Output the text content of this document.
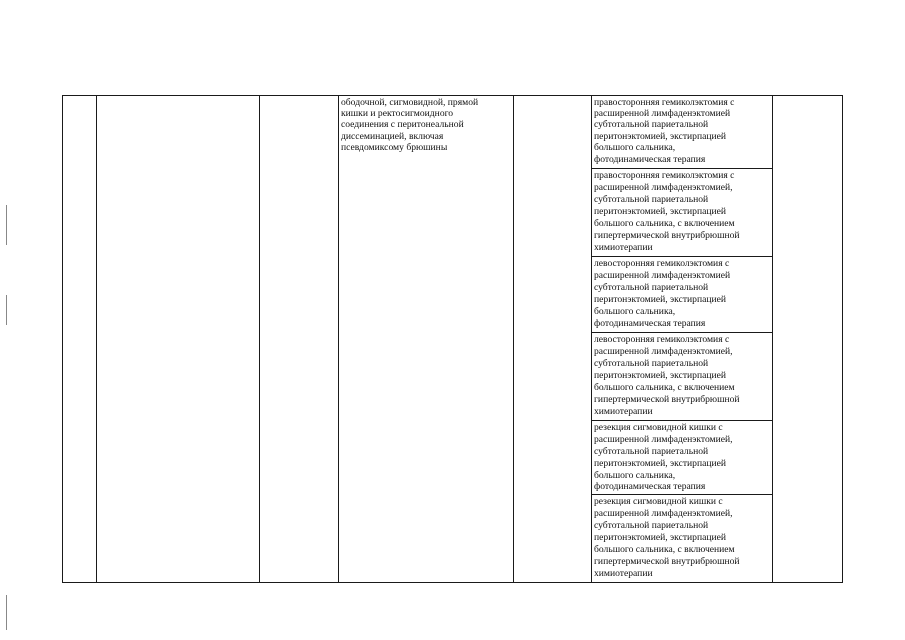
ободочной, сигмовидной, прямой
кишки и ректосигмоидного
соединения с перитонеальной
диссеминацией, включая
псевдомиксому брюшины
правосторонняя гемиколэктомия с
расширенной лимфаденэктомией
субтотальной париетальной
перитонэктомией, экстирпацией
большого сальника,
фотодинамическая терапия
правосторонняя гемиколэктомия с
расширенной лимфаденэктомией,
субтотальной париетальной
перитонэктомией, экстирпацией
большого сальника, с включением
гипертермической внутрибрюшной
химиотерапии
левосторонняя гемиколэктомия с
расширенной лимфаденэктомией
субтотальной париетальной
перитонэктомией, экстирпацией
большого сальника,
фотодинамическая терапия
левосторонняя гемиколэктомия с
расширенной лимфаденэктомией,
субтотальной париетальной
перитонэктомией, экстирпацией
большого сальника, с включением
гипертермической внутрибрюшной
химиотерапии
резекция сигмовидной кишки с
расширенной лимфаденэктомией,
субтотальной париетальной
перитонэктомией, экстирпацией
большого сальника,
фотодинамическая терапия
резекция сигмовидной кишки с
расширенной лимфаденэктомией,
субтотальной париетальной
перитонэктомией, экстирпацией
большого сальника, с включением
гипертермической внутрибрюшной
химиотерапии
